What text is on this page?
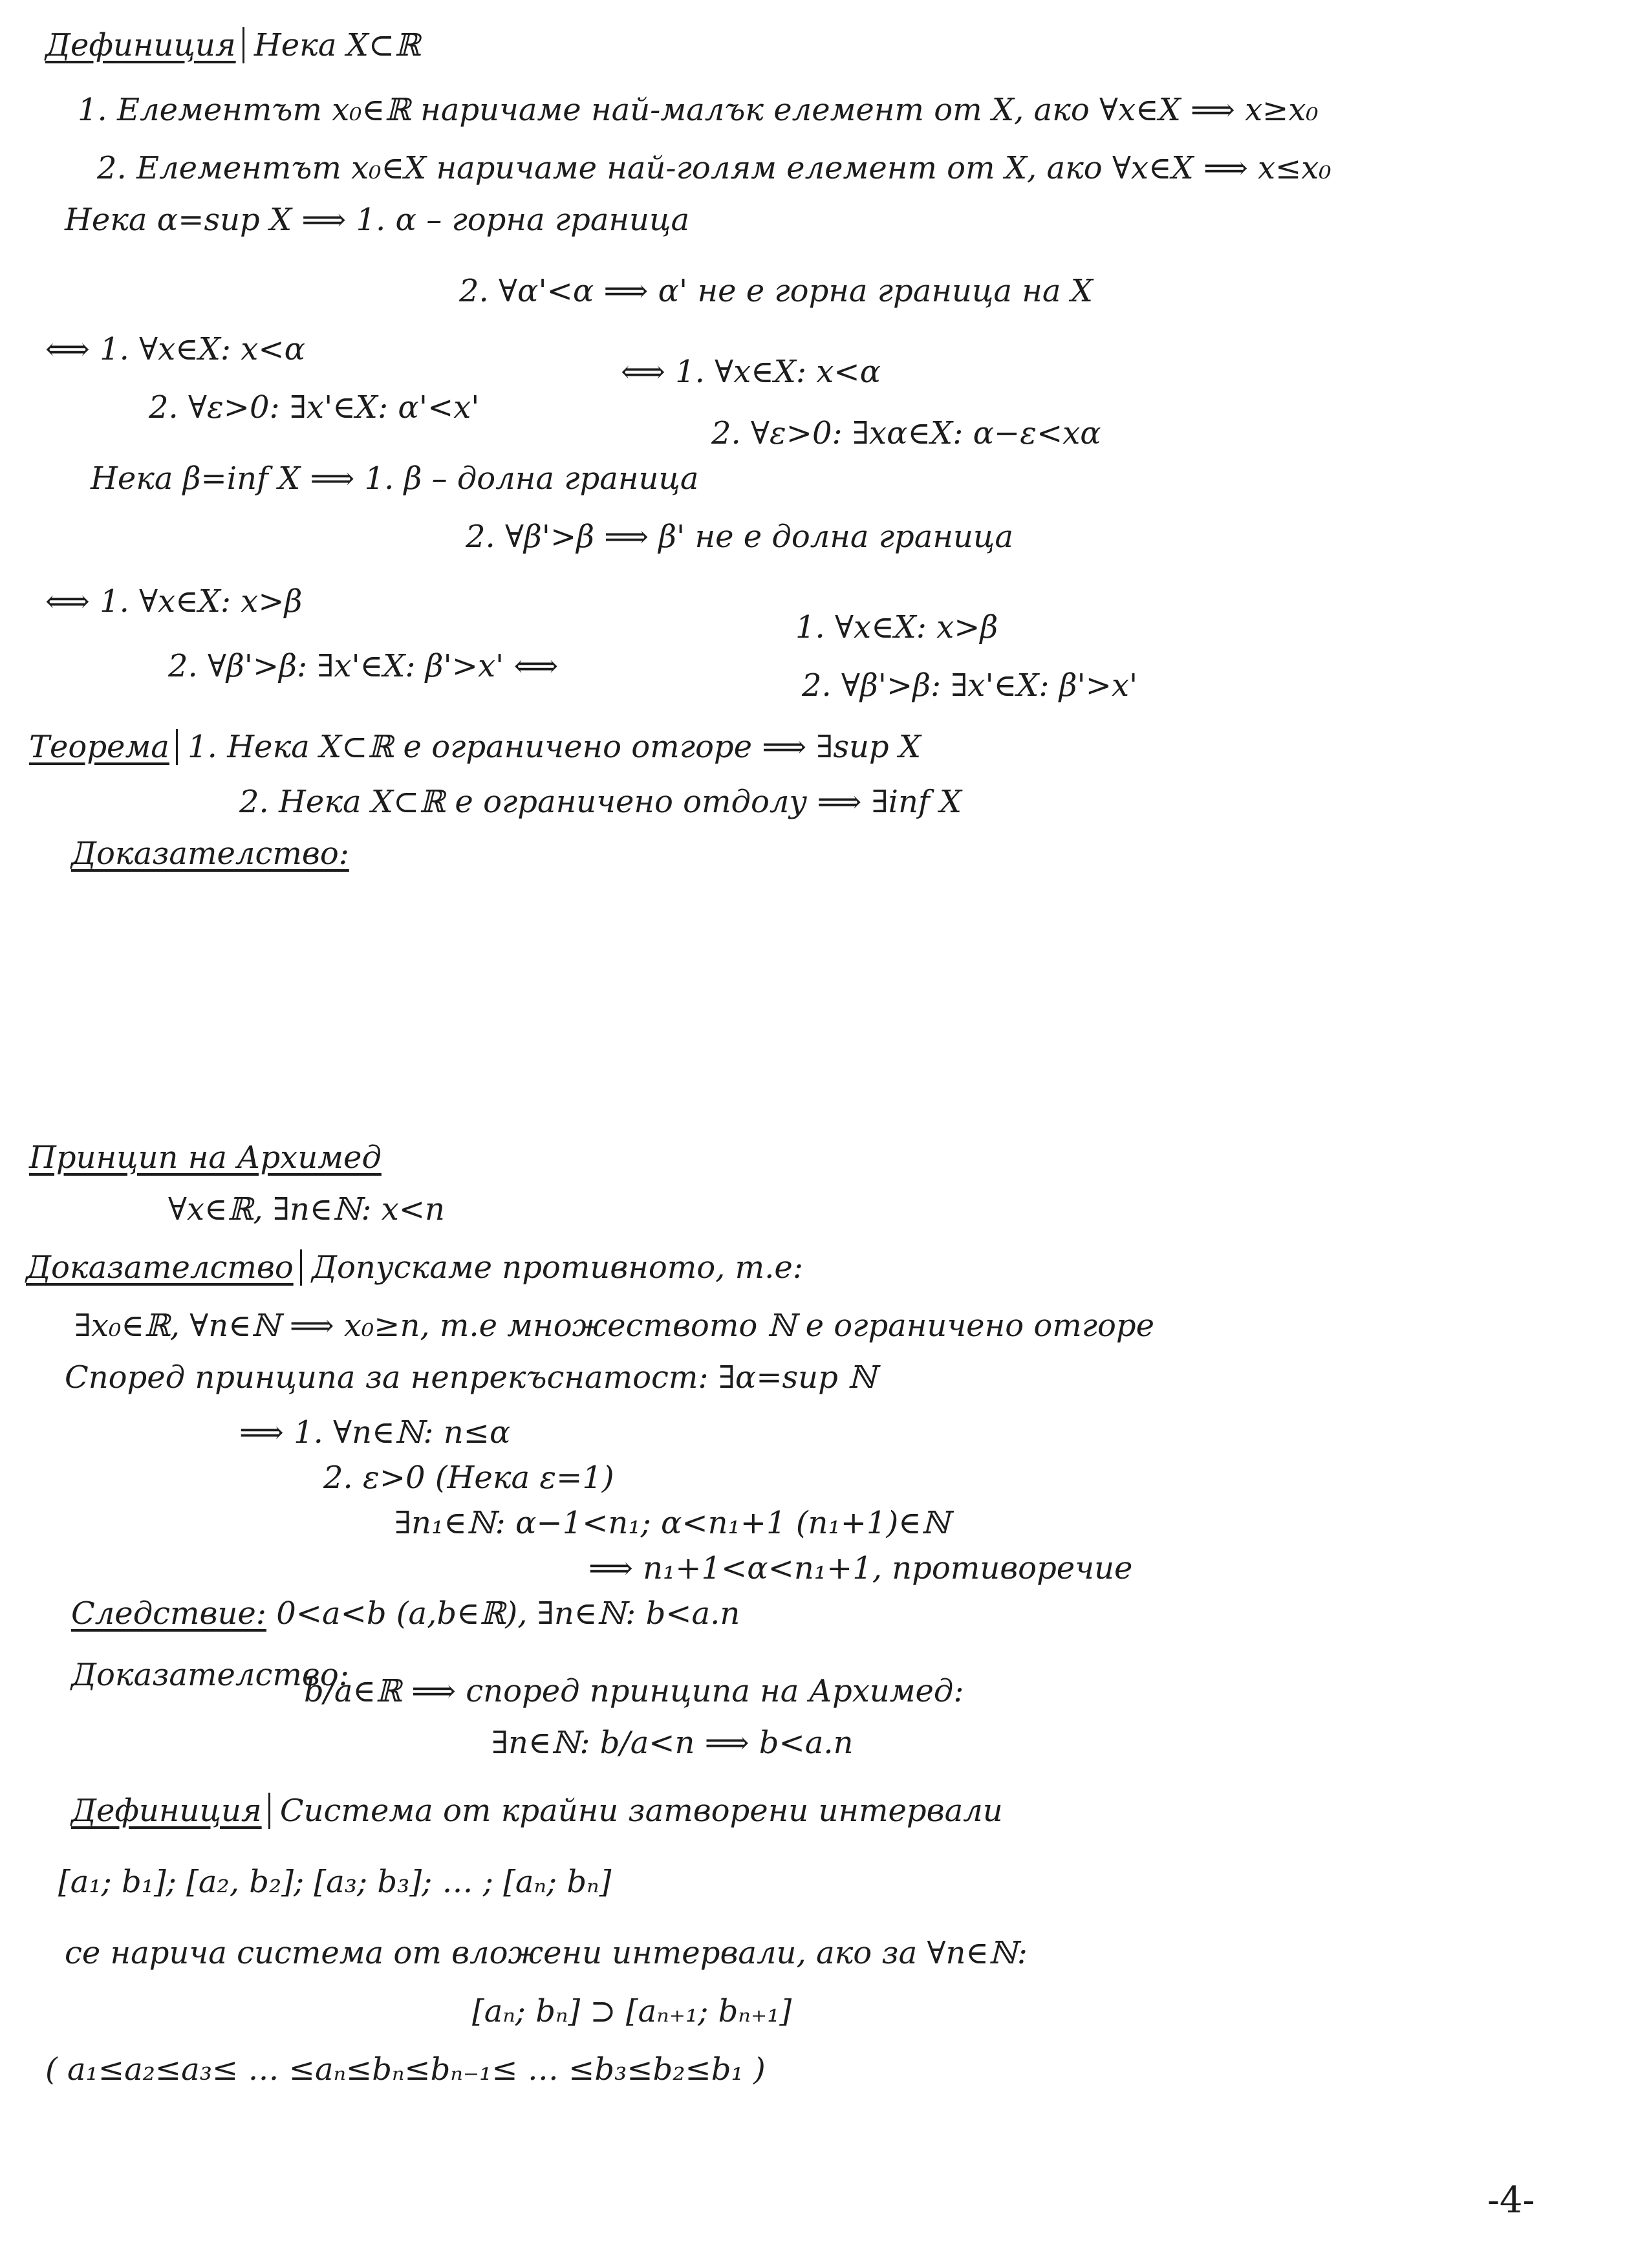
Дефиниция Нека X⊂ℝ
1. Елементът x₀∈ℝ наричаме най-малък елемент от X, ако ∀x∈X ⟹ x≥x₀
2. Елементът x₀∈X наричаме най-голям елемент от X, ако ∀x∈X ⟹ x≤x₀
Нека α=sup X ⟹ 1. α – горна граница
2. ∀α'<α ⟹ α' не е горна граница на X
⟺ 1. ∀x∈X: x<α
2. ∀ε>0: ∃x'∈X: α'<x'
⟺ 1. ∀x∈X: x<α
2. ∀ε>0: ∃xα∈X: α−ε<xα
Нека β=inf X ⟹ 1. β – долна граница
2. ∀β'>β ⟹ β' не е долна граница
⟺ 1. ∀x∈X: x>β
1. ∀x∈X: x>β
2. ∀β'>β: ∃x'∈X: β'>x' ⟺
2. ∀β'>β: ∃x'∈X: β'>x'
Теорема 1. Нека X⊂ℝ е ограничено отгоре ⟹ ∃sup X
2. Нека X⊂ℝ е ограничено отдолу ⟹ ∃inf X
Доказателство:
Принцип на Архимед
∀x∈ℝ, ∃n∈ℕ: x<n
Доказателство Допускаме противното, т.е:
∃x₀∈ℝ, ∀n∈ℕ ⟹ x₀≥n, т.е множеството ℕ е ограничено отгоре
Според принципа за непрекъснатост: ∃α=sup ℕ
⟹ 1. ∀n∈ℕ: n≤α
2. ε>0 (Нека ε=1)
∃n₁∈ℕ: α−1<n₁; α<n₁+1 (n₁+1)∈ℕ
⟹ n₁+1<α<n₁+1, противоречие
Следствие: 0<a<b (a,b∈ℝ), ∃n∈ℕ: b<a.n
Доказателство:
b/a∈ℝ ⟹ според принципа на Архимед:
∃n∈ℕ: b/a<n ⟹ b<a.n
Дефиниция Система от крайни затворени интервали
[a₁; b₁]; [a₂, b₂]; [a₃; b₃]; … ; [aₙ; bₙ]
се нарича система от вложени интервали, ако за ∀n∈ℕ:
[aₙ; bₙ] ⊃ [aₙ₊₁; bₙ₊₁]
( a₁≤a₂≤a₃≤ … ≤aₙ≤bₙ≤bₙ₋₁≤ … ≤b₃≤b₂≤b₁ )
-4-
